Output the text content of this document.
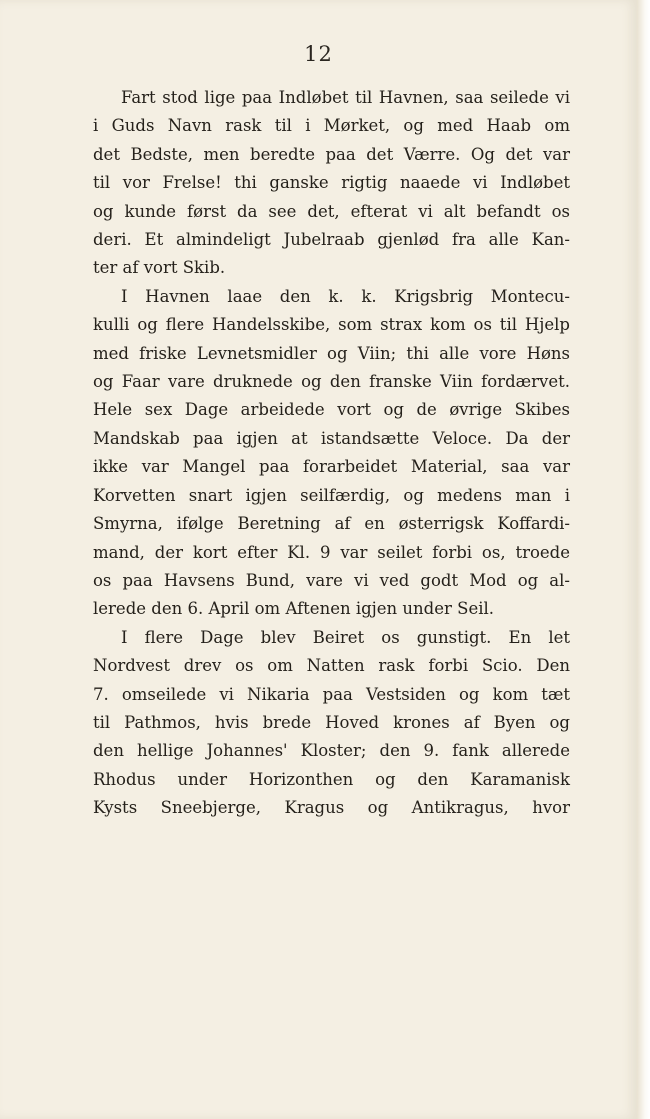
12
Fart stod lige paa Indløbet til Havnen, saa seilede vi
i Guds Navn rask til i Mørket, og med Haab om
det Bedste, men beredte paa det Værre. Og det var
til vor Frelse! thi ganske rigtig naaede vi Indløbet
og kunde først da see det, efterat vi alt befandt os
deri. Et almindeligt Jubelraab gjenlød fra alle Kan-
ter af vort Skib.
I Havnen laae den k. k. Krigsbrig Montecu-
kulli og flere Handelsskibe, som strax kom os til Hjelp
med friske Levnetsmidler og Viin; thi alle vore Høns
og Faar vare druknede og den franske Viin fordærvet.
Hele sex Dage arbeidede vort og de øvrige Skibes
Mandskab paa igjen at istandsætte Veloce. Da der
ikke var Mangel paa forarbeidet Material, saa var
Korvetten snart igjen seilfærdig, og medens man i
Smyrna, ifølge Beretning af en østerrigsk Koffardi-
mand, der kort efter Kl. 9 var seilet forbi os, troede
os paa Havsens Bund, vare vi ved godt Mod og al-
lerede den 6. April om Aftenen igjen under Seil.
I flere Dage blev Beiret os gunstigt. En let
Nordvest drev os om Natten rask forbi Scio. Den
7. omseilede vi Nikaria paa Vestsiden og kom tæt
til Pathmos, hvis brede Hoved krones af Byen og
den hellige Johannes' Kloster; den 9. fank allerede
Rhodus under Horizonthen og den Karamanisk
Kysts Sneebjerge, Kragus og Antikragus, hvor
